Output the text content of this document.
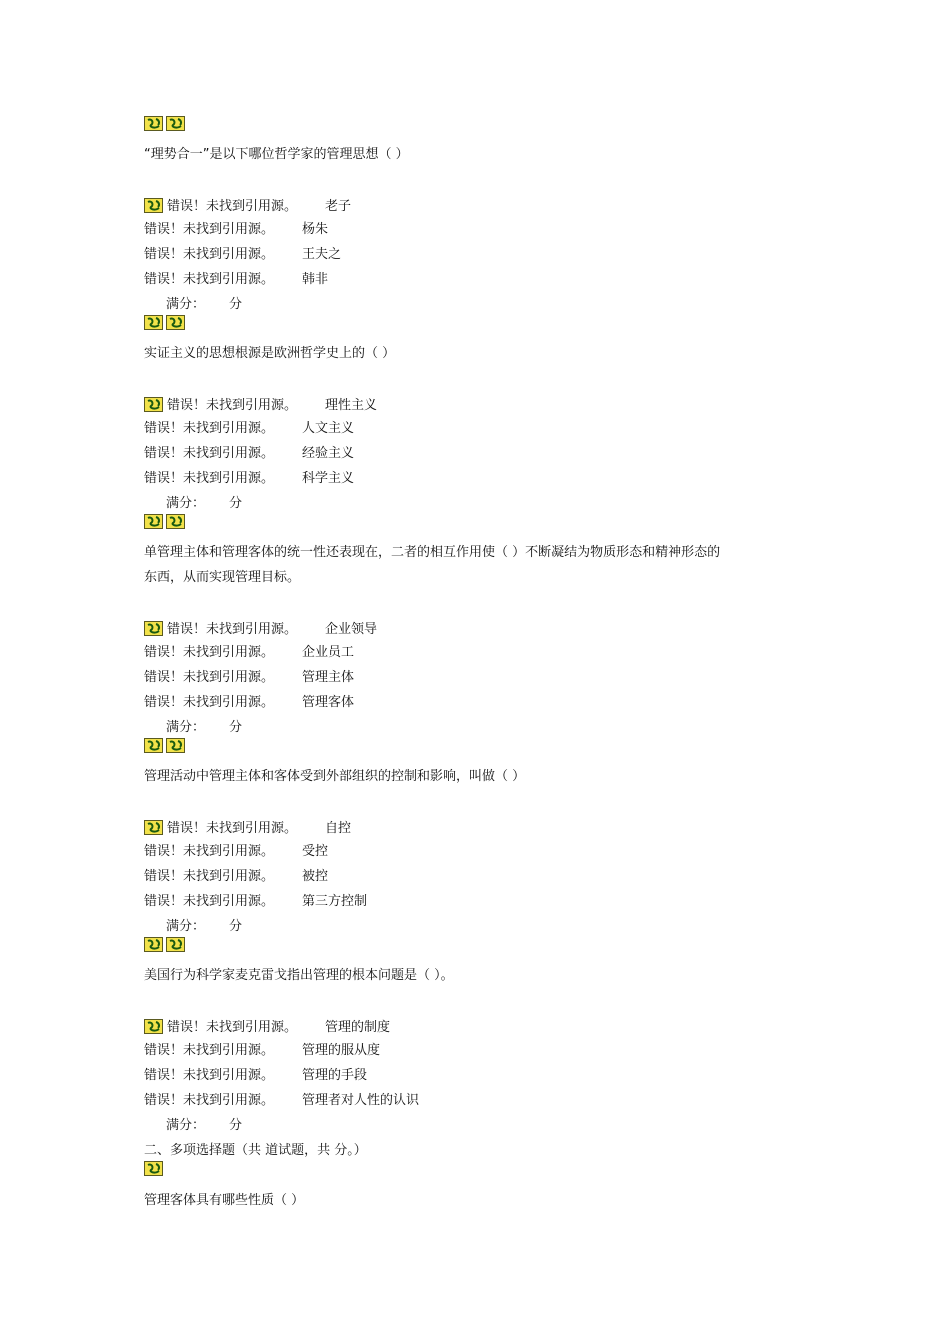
“理势合一”是以下哪位哲学家的管理思想（ ）
错误！未找到引用源。 老子
错误！未找到引用源。 杨朱
错误！未找到引用源。 王夫之
错误！未找到引用源。 韩非
满分： 分
实证主义的思想根源是欧洲哲学史上的（ ）
错误！未找到引用源。 理性主义
错误！未找到引用源。 人文主义
错误！未找到引用源。 经验主义
错误！未找到引用源。 科学主义
满分： 分
单管理主体和管理客体的统一性还表现在，二者的相互作用使（ ）不断凝结为物质形态和精神形态的
东西，从而实现管理目标。
错误！未找到引用源。 企业领导
错误！未找到引用源。 企业员工
错误！未找到引用源。 管理主体
错误！未找到引用源。 管理客体
满分： 分
管理活动中管理主体和客体受到外部组织的控制和影响，叫做（ ）
错误！未找到引用源。 自控
错误！未找到引用源。 受控
错误！未找到引用源。 被控
错误！未找到引用源。 第三方控制
满分： 分
美国行为科学家麦克雷戈指出管理的根本问题是（ ）。
错误！未找到引用源。 管理的制度
错误！未找到引用源。 管理的服从度
错误！未找到引用源。 管理的手段
错误！未找到引用源。 管理者对人性的认识
满分： 分
二、多项选择题（共 道试题，共 分。）
管理客体具有哪些性质（ ）
